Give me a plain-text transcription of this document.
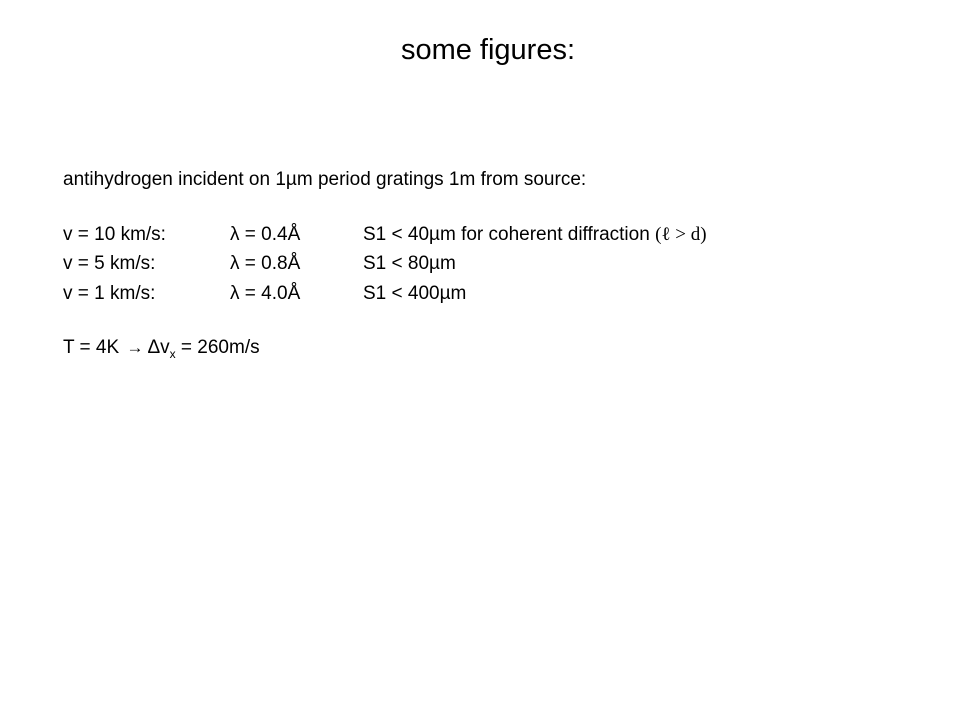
some figures:
antihydrogen incident on 1µm period gratings 1m from source:
v = 10 km/s:	λ = 0.4Å	S1 < 40µm for coherent diffraction (ℓ > d)
v = 5 km/s:	λ = 0.8Å	S1 < 80µm
v = 1 km/s:	λ = 4.0Å	S1 < 400µm
$T = 4K \to \Delta v_x = 260m/s$
